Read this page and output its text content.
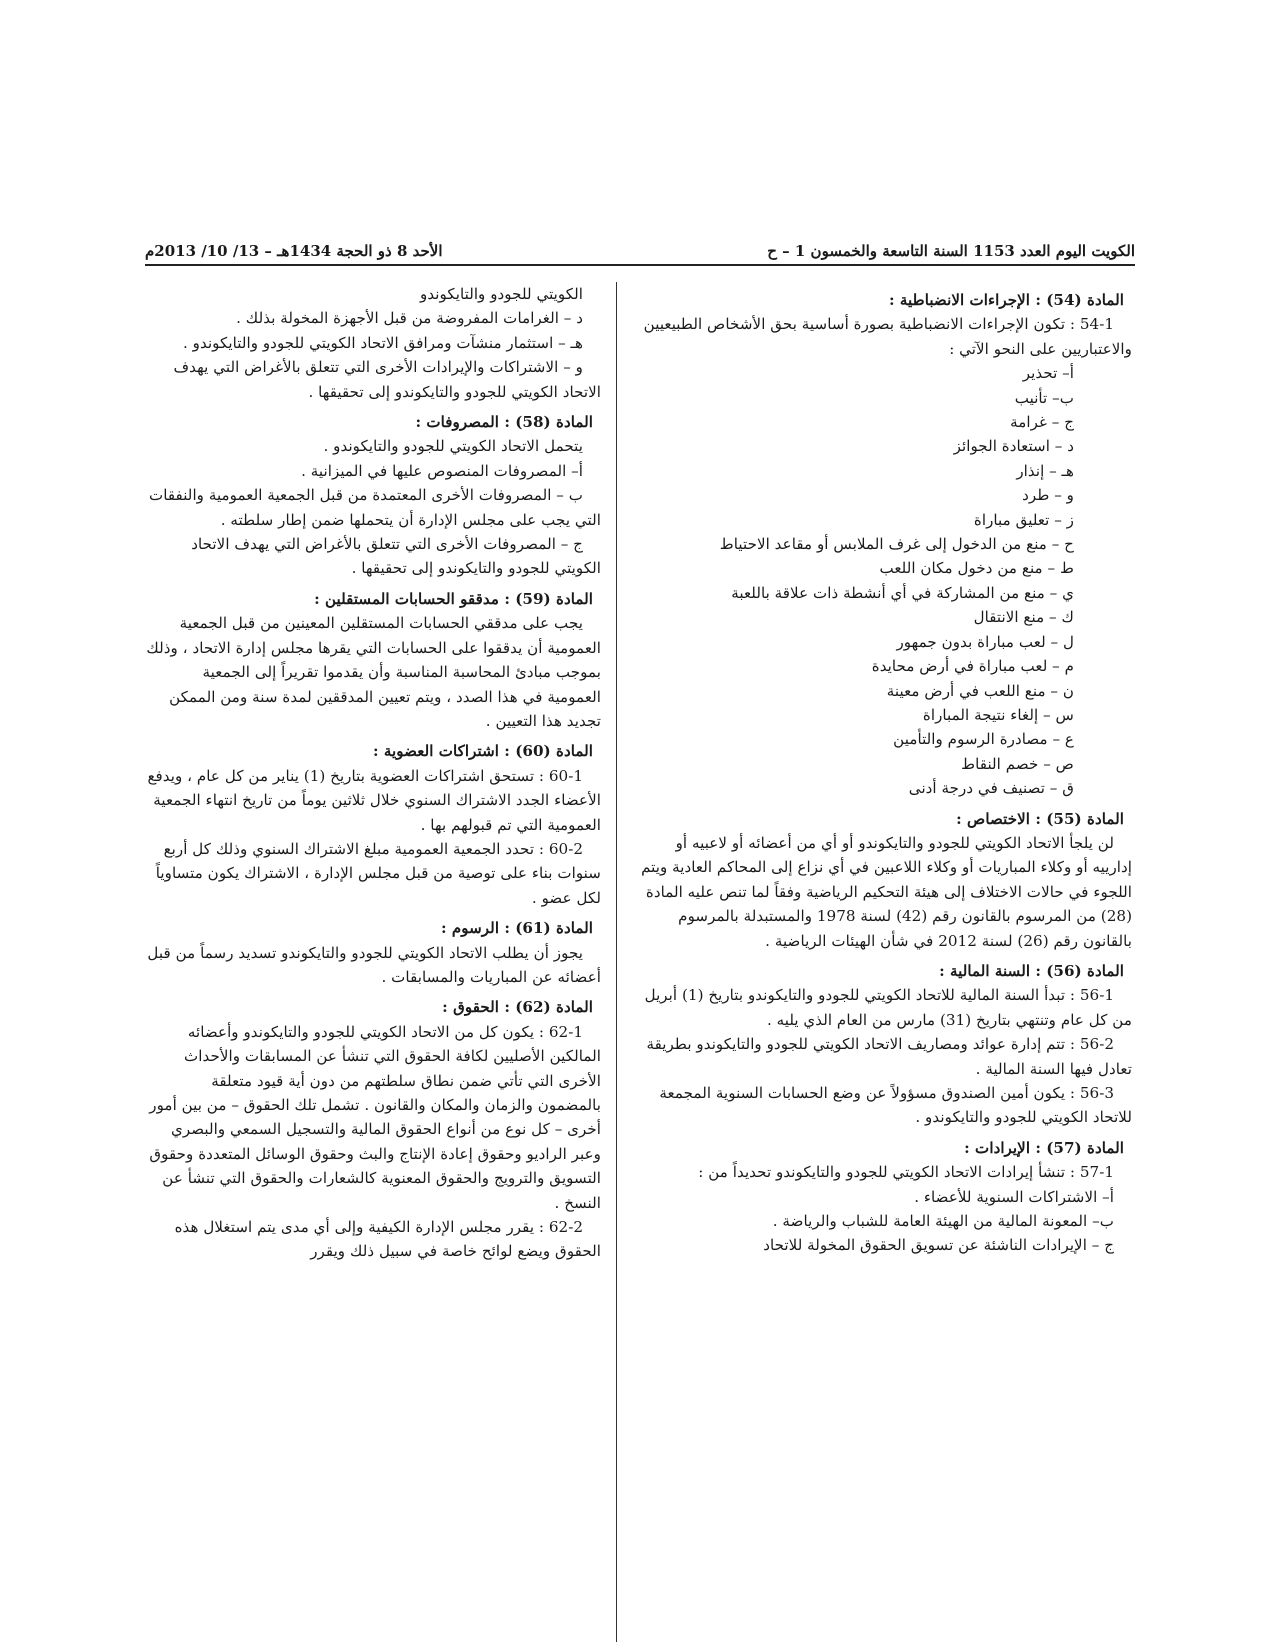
الكويت اليوم العدد 1153 السنة التاسعة والخمسون 1 – ح
الأحد 8 ذو الحجة 1434هـ – 13/ 10/ 2013م

المادة (54) : الإجراءات الانضباطية :

54-1 : تكون الإجراءات الانضباطية بصورة أساسية بحق الأشخاص الطبيعيين والاعتباريين على النحو الآتي :

أ– تحذير

ب– تأنيب

ج – غرامة

د – استعادة الجوائز

هـ – إنذار

و – طرد

ز – تعليق مباراة

ح – منع من الدخول إلى غرف الملابس أو مقاعد الاحتياط

ط – منع من دخول مكان اللعب

ي – منع من المشاركة في أي أنشطة ذات علاقة باللعبة

ك – منع الانتقال

ل – لعب مباراة بدون جمهور

م – لعب مباراة في أرض محايدة

ن – منع اللعب في أرض معينة

س – إلغاء نتيجة المباراة

ع – مصادرة الرسوم والتأمين

ص – خصم النقاط

ق – تصنيف في درجة أدنى

المادة (55) : الاختصاص :

لن يلجأ الاتحاد الكويتي للجودو والتايكوندو أو أي من أعضائه أو لاعبيه أو إدارييه أو وكلاء المباريات أو وكلاء اللاعبين في أي نزاع إلى المحاكم العادية ويتم اللجوء في حالات الاختلاف إلى هيئة التحكيم الرياضية وفقاً لما تنص عليه المادة (28) من المرسوم بالقانون رقم (42) لسنة 1978 والمستبدلة بالمرسوم بالقانون رقم (26) لسنة 2012 في شأن الهيئات الرياضية .

المادة (56) : السنة المالية :

56-1 : تبدأ السنة المالية للاتحاد الكويتي للجودو والتايكوندو بتاريخ (1) أبريل من كل عام وتنتهي بتاريخ (31) مارس من العام الذي يليه .

56-2 : تتم إدارة عوائد ومصاريف الاتحاد الكويتي للجودو والتايكوندو بطريقة تعادل فيها السنة المالية .

56-3 : يكون أمين الصندوق مسؤولاً عن وضع الحسابات السنوية المجمعة للاتحاد الكويتي للجودو والتايكوندو .

المادة (57) : الإيرادات :

57-1 : تنشأ إيرادات الاتحاد الكويتي للجودو والتايكوندو تحديداً من :

أ– الاشتراكات السنوية للأعضاء .

ب– المعونة المالية من الهيئة العامة للشباب والرياضة .

ج – الإيرادات الناشئة عن تسويق الحقوق المخولة للاتحاد

الكويتي للجودو والتايكوندو

د – الغرامات المفروضة من قبل الأجهزة المخولة بذلك .

هـ – استثمار منشآت ومرافق الاتحاد الكويتي للجودو والتايكوندو .

و – الاشتراكات والإيرادات الأخرى التي تتعلق بالأغراض التي يهدف الاتحاد الكويتي للجودو والتايكوندو إلى تحقيقها .

المادة (58) : المصروفات :

يتحمل الاتحاد الكويتي للجودو والتايكوندو .

أ– المصروفات المنصوص عليها في الميزانية .

ب – المصروفات الأخرى المعتمدة من قبل الجمعية العمومية والنفقات التي يجب على مجلس الإدارة أن يتحملها ضمن إطار سلطته .

ج – المصروفات الأخرى التي تتعلق بالأغراض التي يهدف الاتحاد الكويتي للجودو والتايكوندو إلى تحقيقها .

المادة (59) : مدققو الحسابات المستقلين :

يجب على مدققي الحسابات المستقلين المعينين من قبل الجمعية العمومية أن يدققوا على الحسابات التي يقرها مجلس إدارة الاتحاد ، وذلك بموجب مبادئ المحاسبة المناسبة وأن يقدموا تقريراً إلى الجمعية العمومية في هذا الصدد ، ويتم تعيين المدققين لمدة سنة ومن الممكن تجديد هذا التعيين .

المادة (60) : اشتراكات العضوية :

60-1 : تستحق اشتراكات العضوية بتاريخ (1) يناير من كل عام ، ويدفع الأعضاء الجدد الاشتراك السنوي خلال ثلاثين يوماً من تاريخ انتهاء الجمعية العمومية التي تم قبولهم بها .

60-2 : تحدد الجمعية العمومية مبلغ الاشتراك السنوي وذلك كل أربع سنوات بناء على توصية من قبل مجلس الإدارة ، الاشتراك يكون متساوياً لكل عضو .

المادة (61) : الرسوم :

يجوز أن يطلب الاتحاد الكويتي للجودو والتايكوندو تسديد رسماً من قبل أعضائه عن المباريات والمسابقات .

المادة (62) : الحقوق :

62-1 : يكون كل من الاتحاد الكويتي للجودو والتايكوندو وأعضائه المالكين الأصليين لكافة الحقوق التي تنشأ عن المسابقات والأحداث الأخرى التي تأتي ضمن نطاق سلطتهم من دون أية قيود متعلقة بالمضمون والزمان والمكان والقانون . تشمل تلك الحقوق – من بين أمور أخرى – كل نوع من أنواع الحقوق المالية والتسجيل السمعي والبصري وعبر الراديو وحقوق إعادة الإنتاج والبث وحقوق الوسائل المتعددة وحقوق التسويق والترويج والحقوق المعنوية كالشعارات والحقوق التي تنشأ عن النسخ .

62-2 : يقرر مجلس الإدارة الكيفية وإلى أي مدى يتم استغلال هذه الحقوق ويضع لوائح خاصة في سبيل ذلك ويقرر
